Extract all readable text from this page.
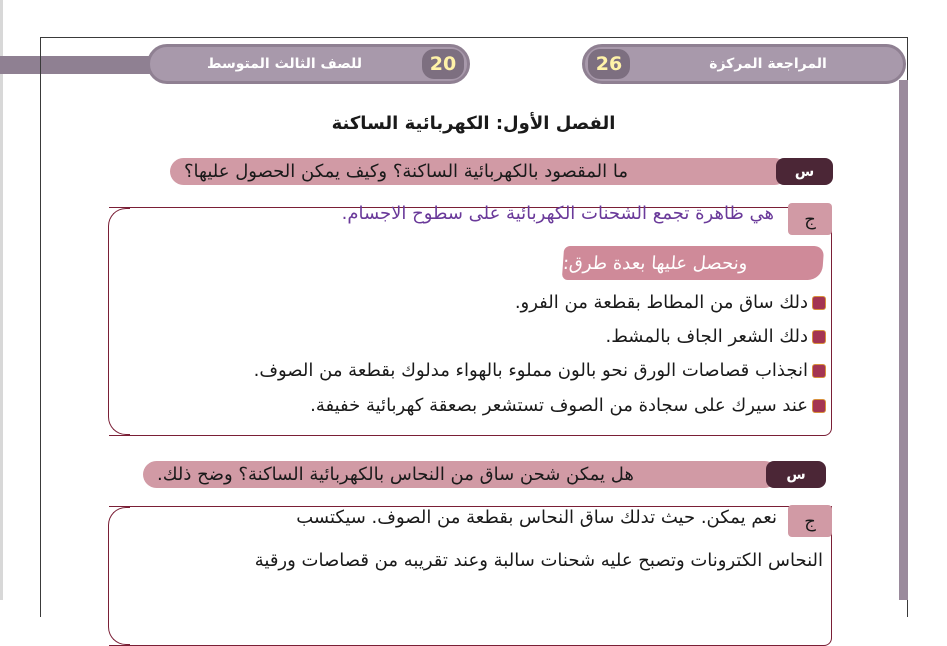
للصف الثالث المتوسط	20	26	المراجعة المركزة
الفصل الأول: الكهربائية الساكنة
ما المقصود بالكهربائية الساكنة؟ وكيف يمكن الحصول عليها؟	س
ج
هي ظاهرة تجمع الشحنات الكهربائية على سطوح الاجسام.
ونحصل عليها بعدة طرق:
دلك ساق من المطاط بقطعة من الفرو.
دلك الشعر الجاف بالمشط.
انجذاب قصاصات الورق نحو بالون مملوء بالهواء مدلوك بقطعة من الصوف.
عند سيرك على سجادة من الصوف تستشعر بصعقة كهربائية خفيفة.
هل يمكن شحن ساق من النحاس بالكهربائية الساكنة؟ وضح ذلك.	س
ج
نعم يمكن. حيث تدلك ساق النحاس بقطعة من الصوف. سيكتسب
النحاس الكترونات وتصبح عليه شحنات سالبة وعند تقريبه من قصاصات ورقية
